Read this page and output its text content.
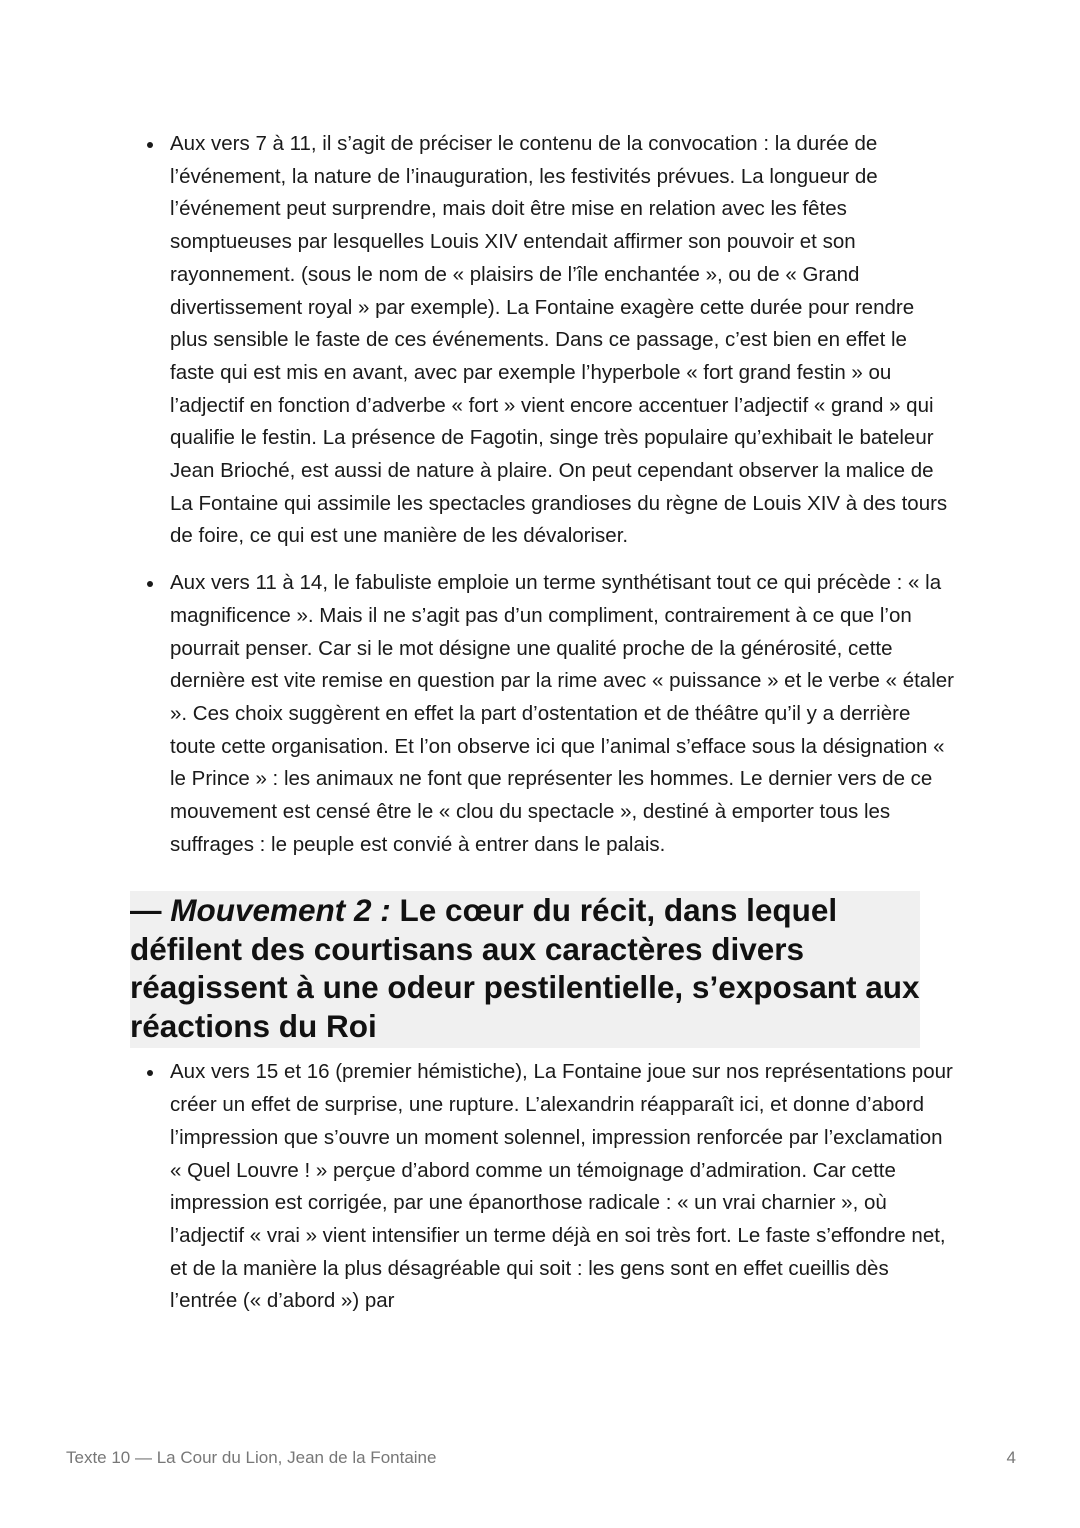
Aux vers 7 à 11, il s’agit de préciser le contenu de la convocation : la durée de l’événement, la nature de l’inauguration, les festivités prévues. La longueur de l’événement peut surprendre, mais doit être mise en relation avec les fêtes somptueuses par lesquelles Louis XIV entendait affirmer son pouvoir et son rayonnement. (sous le nom de « plaisirs de l’île enchantée », ou de « Grand divertissement royal » par exemple). La Fontaine exagère cette durée pour rendre plus sensible le faste de ces événements. Dans ce passage, c’est bien en effet le faste qui est mis en avant, avec par exemple l’hyperbole « fort grand festin » ou l’adjectif en fonction d’adverbe « fort » vient encore accentuer l’adjectif « grand » qui qualifie le festin. La présence de Fagotin, singe très populaire qu’exhibait le bateleur Jean Brioché, est aussi de nature à plaire. On peut cependant observer la malice de La Fontaine qui assimile les spectacles grandioses du règne de Louis XIV à des tours de foire, ce qui est une manière de les dévaloriser.
Aux vers 11 à 14, le fabuliste emploie un terme synthétisant tout ce qui précède : « la magnificence ». Mais il ne s’agit pas d’un compliment, contrairement à ce que l’on pourrait penser. Car si le mot désigne une qualité proche de la générosité, cette dernière est vite remise en question par la rime avec « puissance » et le verbe « étaler ». Ces choix suggèrent en effet la part d’ostentation et de théâtre qu’il y a derrière toute cette organisation. Et l’on observe ici que l’animal s’efface sous la désignation « le Prince » : les animaux ne font que représenter les hommes. Le dernier vers de ce mouvement est censé être le « clou du spectacle », destiné à emporter tous les suffrages : le peuple est convié à entrer dans le palais.
— Mouvement 2 : Le cœur du récit, dans lequel défilent des courtisans aux caractères divers réagissent à une odeur pestilentielle, s’exposant aux réactions du Roi
Aux vers 15 et 16 (premier hémistiche), La Fontaine joue sur nos représentations pour créer un effet de surprise, une rupture. L’alexandrin réapparaît ici, et donne d’abord l’impression que s’ouvre un moment solennel, impression renforcée par l’exclamation « Quel Louvre ! » perçue d’abord comme un témoignage d’admiration. Car cette impression est corrigée, par une épanorthose radicale : « un vrai charnier », où l’adjectif « vrai » vient intensifier un terme déjà en soi très fort. Le faste s’effondre net, et de la manière la plus désagréable qui soit : les gens sont en effet cueillis dès l’entrée (« d’abord ») par
Texte 10 — La Cour du Lion, Jean de la Fontaine	4
